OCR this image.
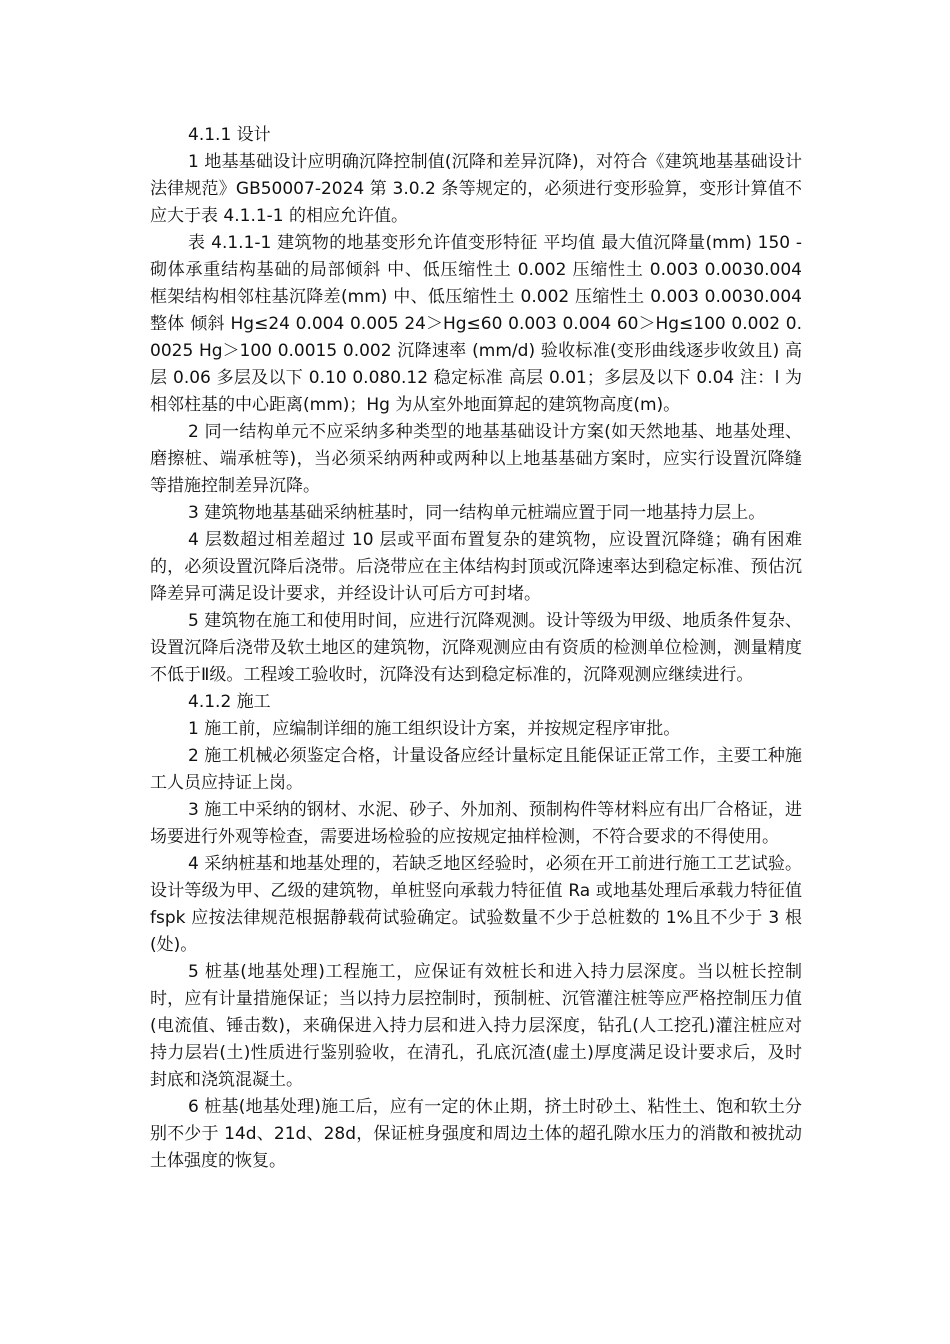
4.1.1 设计

1 地基基础设计应明确沉降控制值(沉降和差异沉降)，对符合《建筑地基基础设计法律规范》GB50007-2024 第 3.0.2 条等规定的，必须进行变形验算，变形计算值不应大于表 4.1.1-1 的相应允许值。

表 4.1.1-1 建筑物的地基变形允许值变形特征 平均值 最大值沉降量(mm) 150 - 砌体承重结构基础的局部倾斜 中、低压缩性土 0.002 压缩性土 0.003 0.0030.004 框架结构相邻柱基沉降差(mm) 中、低压缩性土 0.002 压缩性土 0.003 0.0030.004 整体 倾斜 Hg≤24 0.004 0.005 24＞Hg≤60 0.003 0.004 60＞Hg≤100 0.002 0.0025 Hg＞100 0.0015 0.002 沉降速率 (mm/d) 验收标准(变形曲线逐步收敛且) 高层 0.06 多层及以下 0.10 0.080.12 稳定标准 高层 0.01；多层及以下 0.04 注：l 为相邻柱基的中心距离(mm)；Hg 为从室外地面算起的建筑物高度(m)。

2 同一结构单元不应采纳多种类型的地基基础设计方案(如天然地基、地基处理、磨擦桩、端承桩等)，当必须采纳两种或两种以上地基基础方案时，应实行设置沉降缝等措施控制差异沉降。

3 建筑物地基基础采纳桩基时，同一结构单元桩端应置于同一地基持力层上。

4 层数超过相差超过 10 层或平面布置复杂的建筑物，应设置沉降缝；确有困难的，必须设置沉降后浇带。后浇带应在主体结构封顶或沉降速率达到稳定标准、预估沉降差异可满足设计要求，并经设计认可后方可封堵。

5 建筑物在施工和使用时间，应进行沉降观测。设计等级为甲级、地质条件复杂、设置沉降后浇带及软土地区的建筑物，沉降观测应由有资质的检测单位检测，测量精度不低于Ⅱ级。工程竣工验收时，沉降没有达到稳定标准的，沉降观测应继续进行。

4.1.2 施工

1 施工前，应编制详细的施工组织设计方案，并按规定程序审批。

2 施工机械必须鉴定合格，计量设备应经计量标定且能保证正常工作，主要工种施工人员应持证上岗。

3 施工中采纳的钢材、水泥、砂子、外加剂、预制构件等材料应有出厂合格证，进场要进行外观等检查，需要进场检验的应按规定抽样检测，不符合要求的不得使用。

4 采纳桩基和地基处理的，若缺乏地区经验时，必须在开工前进行施工工艺试验。设计等级为甲、乙级的建筑物，单桩竖向承载力特征值 Ra 或地基处理后承载力特征值 fspk 应按法律规范根据静载荷试验确定。试验数量不少于总桩数的 1%且不少于 3 根(处)。

5 桩基(地基处理)工程施工，应保证有效桩长和进入持力层深度。当以桩长控制时，应有计量措施保证；当以持力层控制时，预制桩、沉管灌注桩等应严格控制压力值(电流值、锤击数)，来确保进入持力层和进入持力层深度，钻孔(人工挖孔)灌注桩应对持力层岩(土)性质进行鉴别验收，在清孔，孔底沉渣(虚土)厚度满足设计要求后，及时封底和浇筑混凝土。

6 桩基(地基处理)施工后，应有一定的休止期，挤土时砂土、粘性土、饱和软土分别不少于 14d、21d、28d，保证桩身强度和周边土体的超孔隙水压力的消散和被扰动土体强度的恢复。
